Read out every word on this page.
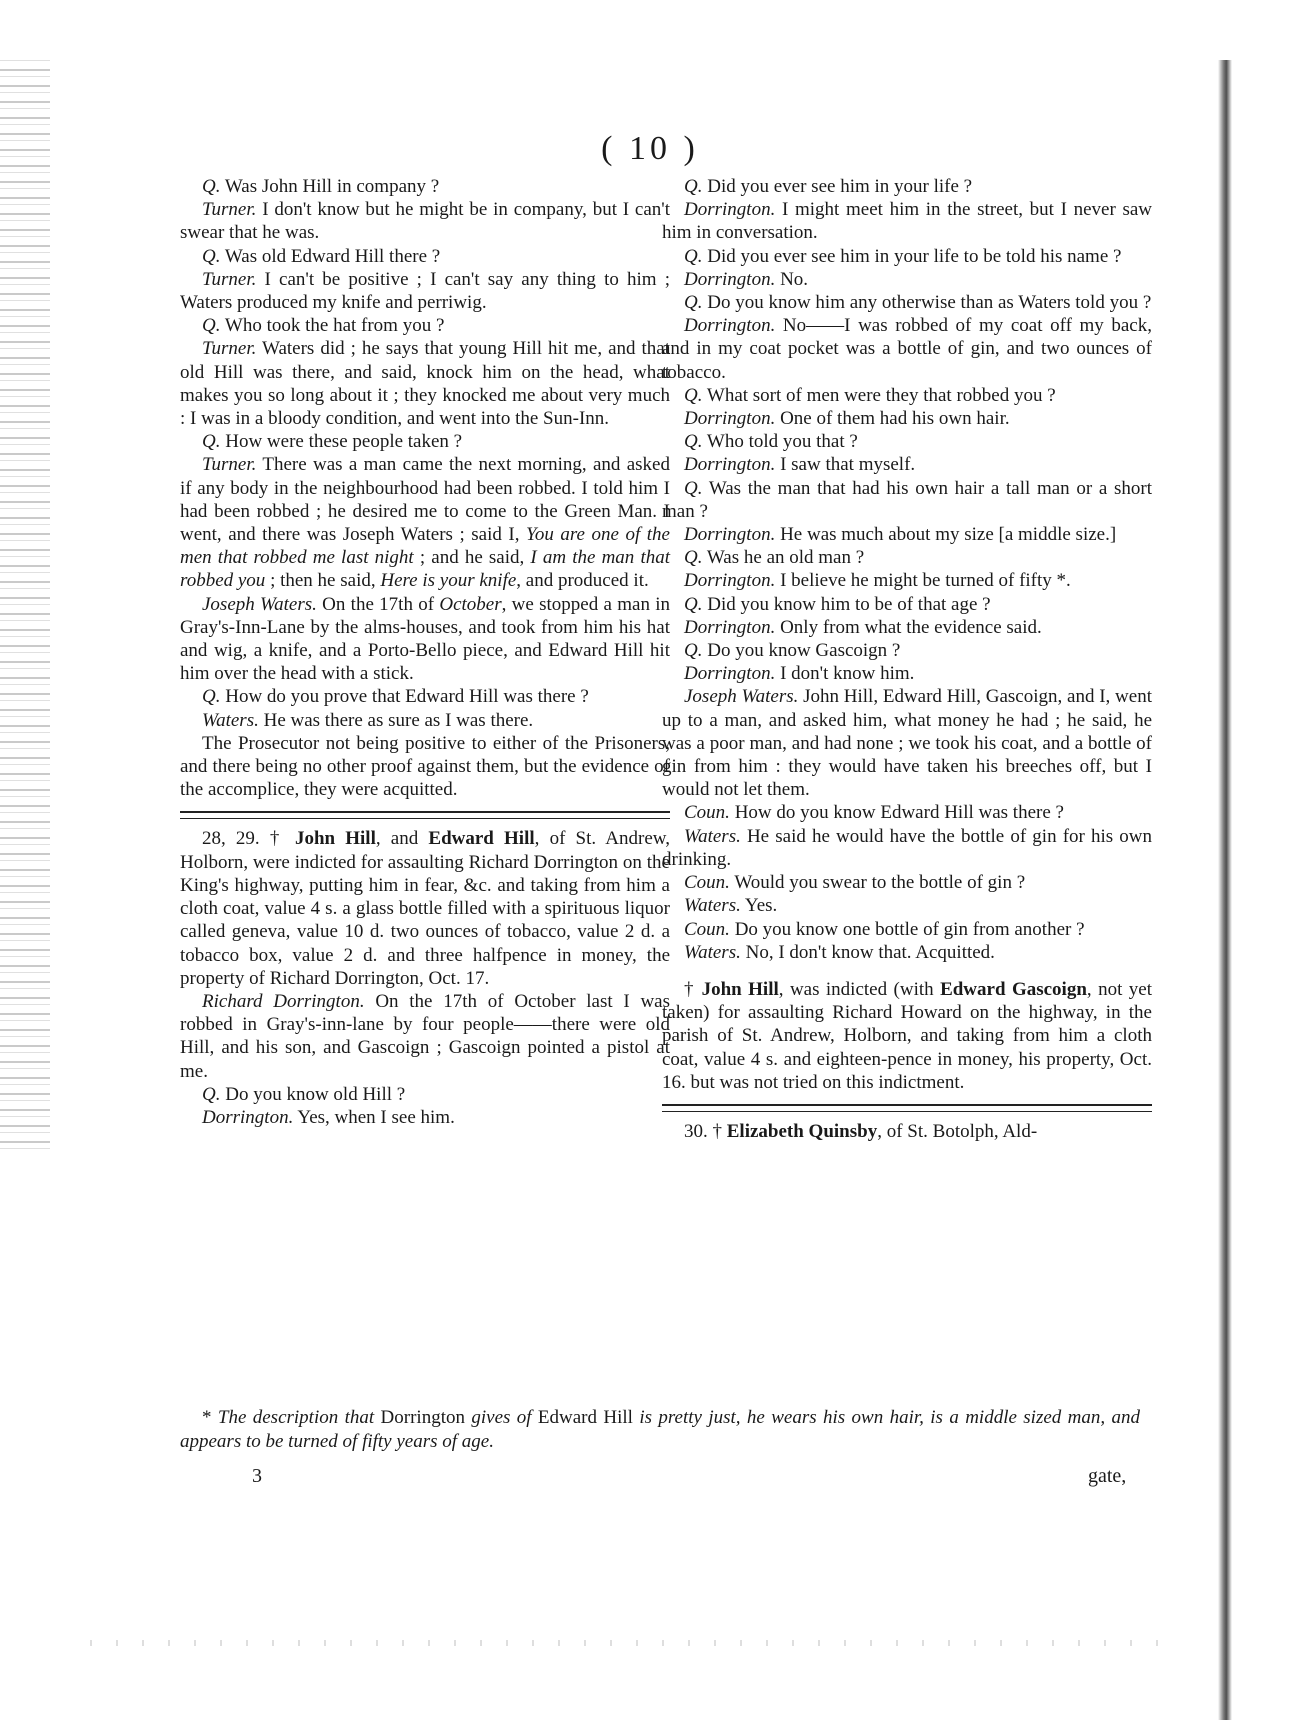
( 10 )

Q. Was John Hill in company ?

Turner. I don't know but he might be in company, but I can't swear that he was.

Q. Was old Edward Hill there ?

Turner. I can't be positive ; I can't say any thing to him ; Waters produced my knife and perriwig.

Q. Who took the hat from you ?

Turner. Waters did ; he says that young Hill hit me, and that old Hill was there, and said, knock him on the head, what makes you so long about it ; they knocked me about very much : I was in a bloody condition, and went into the Sun-Inn.

Q. How were these people taken ?

Turner. There was a man came the next morning, and asked if any body in the neighbourhood had been robbed. I told him I had been robbed ; he desired me to come to the Green Man. I went, and there was Joseph Waters ; said I, You are one of the men that robbed me last night ; and he said, I am the man that robbed you ; then he said, Here is your knife, and produced it.

Joseph Waters. On the 17th of October, we stopped a man in Gray's-Inn-Lane by the alms-houses, and took from him his hat and wig, a knife, and a Porto-Bello piece, and Edward Hill hit him over the head with a stick.

Q. How do you prove that Edward Hill was there ?

Waters. He was there as sure as I was there.

The Prosecutor not being positive to either of the Prisoners, and there being no other proof against them, but the evidence of the accomplice, they were acquitted.

28, 29. † John Hill, and Edward Hill, of St. Andrew, Holborn, were indicted for assaulting Richard Dorrington on the King's highway, putting him in fear, &c. and taking from him a cloth coat, value 4 s. a glass bottle filled with a spirituous liquor called geneva, value 10 d. two ounces of tobacco, value 2 d. a tobacco box, value 2 d. and three halfpence in money, the property of Richard Dorrington, Oct. 17.

Richard Dorrington. On the 17th of October last I was robbed in Gray's-inn-lane by four people——there were old Hill, and his son, and Gascoign ; Gascoign pointed a pistol at me.

Q. Do you know old Hill ?

Dorrington. Yes, when I see him.

Q. Did you ever see him in your life ?

Dorrington. I might meet him in the street, but I never saw him in conversation.

Q. Did you ever see him in your life to be told his name ?

Dorrington. No.

Q. Do you know him any otherwise than as Waters told you ?

Dorrington. No——I was robbed of my coat off my back, and in my coat pocket was a bottle of gin, and two ounces of tobacco.

Q. What sort of men were they that robbed you ?

Dorrington. One of them had his own hair.

Q. Who told you that ?

Dorrington. I saw that myself.

Q. Was the man that had his own hair a tall man or a short man ?

Dorrington. He was much about my size [a middle size.]

Q. Was he an old man ?

Dorrington. I believe he might be turned of fifty *.

Q. Did you know him to be of that age ?

Dorrington. Only from what the evidence said.

Q. Do you know Gascoign ?

Dorrington. I don't know him.

Joseph Waters. John Hill, Edward Hill, Gascoign, and I, went up to a man, and asked him, what money he had ; he said, he was a poor man, and had none ; we took his coat, and a bottle of gin from him : they would have taken his breeches off, but I would not let them.

Coun. How do you know Edward Hill was there ?

Waters. He said he would have the bottle of gin for his own drinking.

Coun. Would you swear to the bottle of gin ?

Waters. Yes.

Coun. Do you know one bottle of gin from another ?

Waters. No, I don't know that. Acquitted.

† John Hill, was indicted (with Edward Gascoign, not yet taken) for assaulting Richard Howard on the highway, in the parish of St. Andrew, Holborn, and taking from him a cloth coat, value 4 s. and eighteen-pence in money, his property, Oct. 16. but was not tried on this indictment.

30. † Elizabeth Quinsby, of St. Botolph, Ald-

* The description that Dorrington gives of Edward Hill is pretty just, he wears his own hair, is a middle sized man, and appears to be turned of fifty years of age.
3	gate,
